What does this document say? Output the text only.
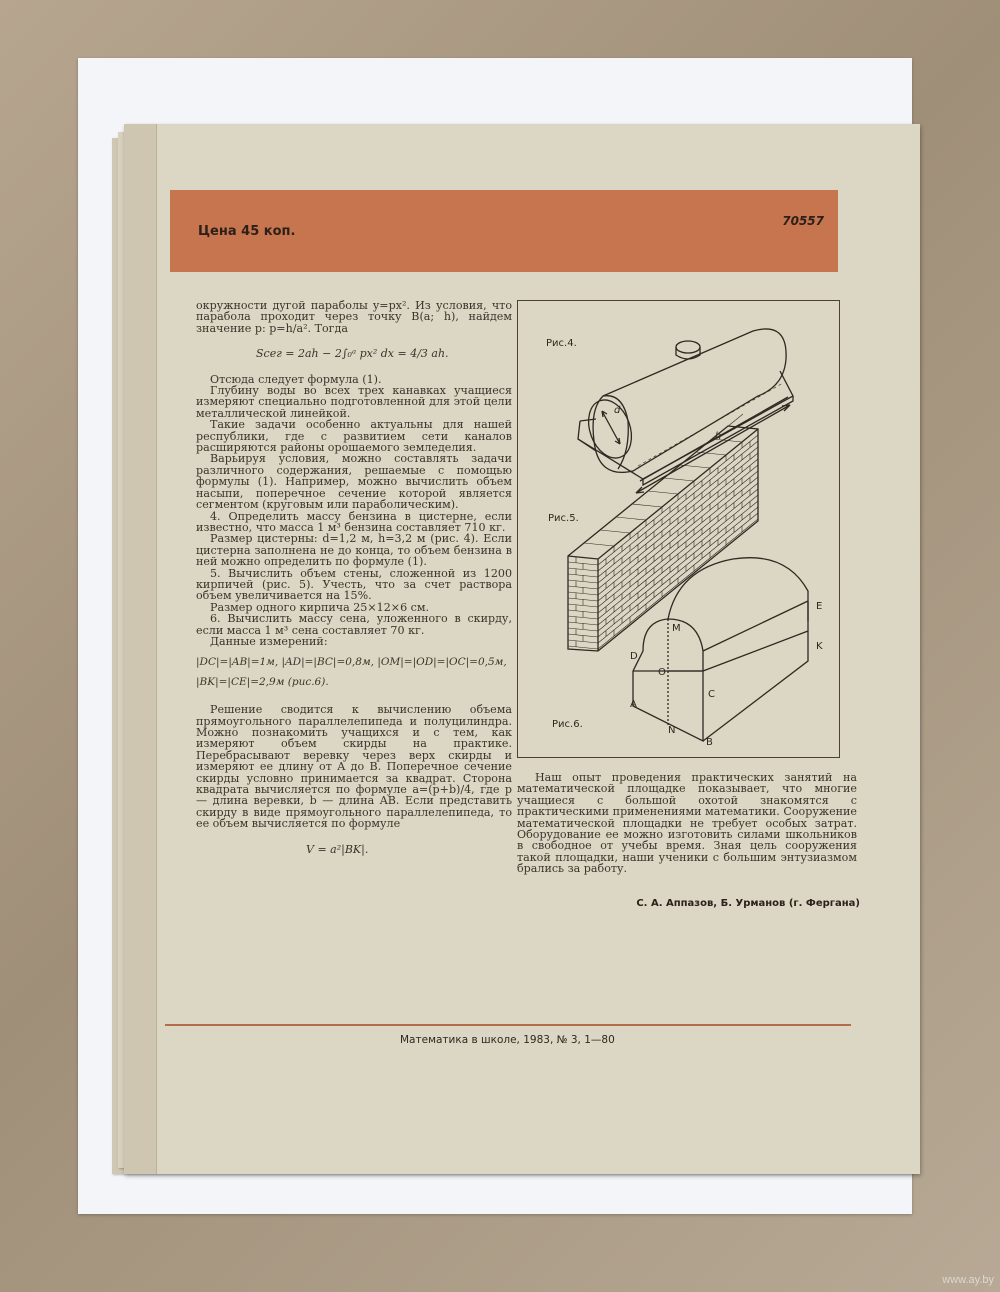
Цена 45 коп.
70557

окружности дугой параболы y=px². Из условия, что парабола проходит через точку B(a; h), найдем значение p: p=h/a². Тогда

Sсег = 2ah − 2∫₀ᵃ px² dx = 4/3 ah.

Отсюда следует формула (1).

Глубину воды во всех трех канавках учащиеся измеряют специально подготовленной для этой цели металлической линейкой.

Такие задачи особенно актуальны для нашей республики, где с развитием сети каналов расширяются районы орошаемого земледелия.

Варьируя условия, можно составлять задачи различного содержания, решаемые с помощью формулы (1). Например, можно вычислить объем насыпи, поперечное сечение которой является сегментом (круговым или параболическим).

4. Определить массу бензина в цистерне, если известно, что масса 1 м³ бензина составляет 710 кг.

Размер цистерны: d=1,2 м, h=3,2 м (рис. 4). Если цистерна заполнена не до конца, то объем бензина в ней можно определить по формуле (1).

5. Вычислить объем стены, сложенной из 1200 кирпичей (рис. 5). Учесть, что за счет раствора объем увеличивается на 15%.

Размер одного кирпича 25×12×6 см.

6. Вычислить массу сена, уложенного в скирду, если масса 1 м³ сена составляет 70 кг.

Данные измерений:

|DC|=|AB|=1м, |AD|=|BC|=0,8м, |OM|=|OD|=|OC|=0,5м,

|BK|=|CE|=2,9м (рис.6).

Решение сводится к вычислению объема прямоугольного параллелепипеда и полуцилиндра. Можно познакомить учащихся и с тем, как измеряют объем скирды на практике. Перебрасывают веревку через верх скирды и измеряют ее длину от A до B. Поперечное сечение скирды условно принимается за квадрат. Сторона квадрата вычисляется по формуле a=(p+b)/4, где p — длина веревки, b — длина AB. Если представить скирду в виде прямоугольного параллелепипеда, то ее объем вычисляется по формуле

V = a²|BK|.

Рис.4.
Рис.5.
Рис.6.
d
h
M
D
O
A
C
N
B
E
K

Наш опыт проведения практических занятий на математической площадке показывает, что многие учащиеся с большой охотой знакомятся с практическими применениями математики. Сооружение математической площадки не требует особых затрат. Оборудование ее можно изготовить силами школьников в свободное от учебы время. Зная цель сооружения такой площадки, наши ученики с большим энтузиазмом брались за работу.

С. А. Аппазов, Б. Урманов (г. Фергана)
Математика в школе, 1983, № 3, 1—80
www.ay.by
